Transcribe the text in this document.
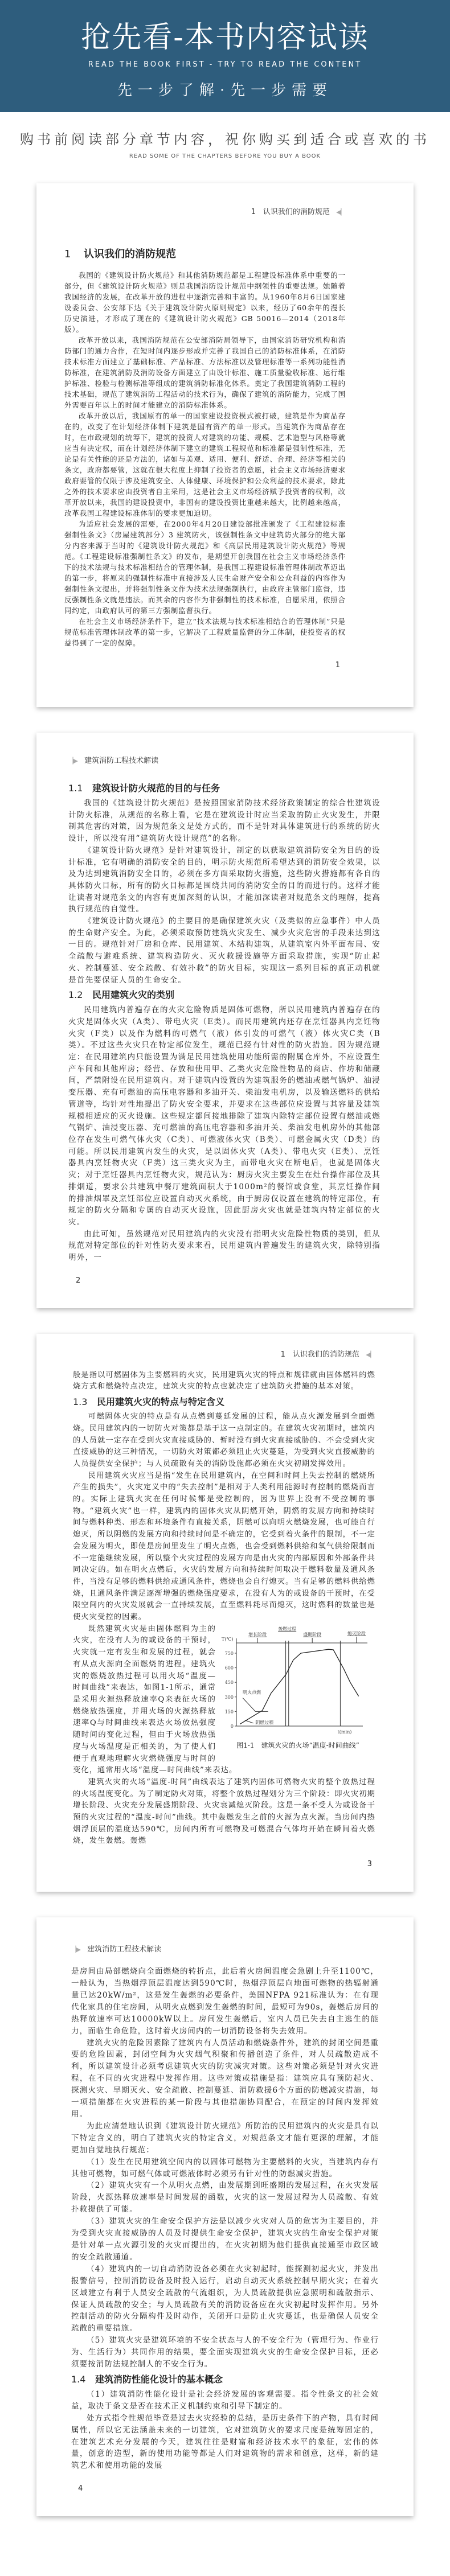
抢先看-本书内容试读
READ THE BOOK FIRST - TRY TO READ THE CONTENT
先一步了解·先一步需要
购书前阅读部分章节内容，祝你购买到适合或喜欢的书
READ SOME OF THE CHAPTERS BEFORE YOU BUY A BOOK
1　认识我们的消防规范   ◀▏
1 认识我们的消防规范

我国的《建筑设计防火规范》和其他消防规范都是工程建设标准体系中重要的一部分，但《建筑设计防火规范》则是我国消防设计规范中纲领性的重要法规。她随着我国经济的发展，在改革开放的进程中逐渐完善和丰富的。从1960年8月6日国家建设委员会、公安部下达《关于建筑设计防火原则规定》以来，经历了60余年的漫长历史演进，才形成了现在的《建筑设计防火规范》GB 50016—2014（2018年版）。

改革开放以来，我国消防规范在公安部消防局领导下，由国家消防研究机构和消防部门的通力合作，在短时间内逐步形成并完善了我国自己的消防标准体系，在消防技术标准方面建立了基础标准、产品标准、方法标准以及管理标准等一系列功能性消防标准，在建筑消防及消防设备方面建立了由设计标准、施工质量验收标准、运行维护标准、检验与检测标准等组成的建筑消防标准化体系。奠定了我国建筑消防工程的技术基础，规范了建筑消防工程活动的技术行为，确保了建筑的消防能力，完成了国外需要百年以上的时间才能建立的消防标准体系。

改革开放以后，我国原有的单一的国家建设投资模式被打破，建筑是作为商品存在的，改变了在计划经济体制下建筑是国有资产的单一形式。当建筑作为商品存在时，在市政规划的统筹下，建筑的投资人对建筑的功能、规模、艺术造型与风格等就应当有决定权，而在计划经济体制下建立的建筑工程规范和标准都是强制性标准，无论是有关性能的还是方法的，诸如与美观、适用、便利、舒适、合理、经济等相关的条文，政府都要管，这就在很大程度上抑制了投资者的意愿，社会主义市场经济要求政府要管的仅限于涉及建筑安全、人体健康、环境保护和公众利益的技术要求，除此之外的技术要求应由投资者自主采用，这是社会主义市场经济赋予投资者的权利，改革开放以来，我国的建设投资中，非国有的建设投资比重越来越大，比例越来越高，改革我国工程建设标准体制的要求更加迫切。

为适应社会发展的需要，在2000年4月20日建设部批准颁发了《工程建设标准强制性条文》（房屋建筑部分）3 建筑防火，该强制性条文中建筑防火部分的绝大部分内容来源于当时的《建筑设计防火规范》和《高层民用建筑设计防火规范》等规范。《工程建设标准强制性条文》的发布，是期望开创我国在社会主义市场经济条件下的技术法规与技术标准相结合的管理体制，是我国工程建设标准管理体制改革迈出的第一步，将原来的强制性标准中直接涉及人民生命财产安全和公众利益的内容作为强制性条文提出，并将强制性条文作为技术法规强制执行，由政府主管部门监督，违反强制性条文就是违法。而其余的内容作为非强制性的技术标准，自愿采用，依照合同约定，由政府认可的第三方强制监督执行。

在社会主义市场经济条件下，建立“技术法规与技术标准相结合的管理体制”只是规范标准管理体制改革的第一步，它解决了工程质量监督的分工体制，使投资者的权益得到了一定的保障。

1
▕▶   建筑消防工程技术解读
1.1 建筑设计防火规范的目的与任务

我国的《建筑设计防火规范》是按照国家消防技术经济政策制定的综合性建筑设计防火标准，从规范的名称上看，它是在建筑设计时应当采取的防止火灾发生，并限制其危害的对策，因为规范条文是处方式的，而不是针对具体建筑进行的系统的防火设计，所以没有用“建筑防火设计规范”的名称。

《建筑设计防火规范》是针对建筑设计，制定的以获取建筑消防安全为目的的设计标准，它有明确的消防安全的目的，明示防火规范所希望达到的消防安全效果，以及为达到建筑消防安全目的，必须在多方面采取防火措施，这些防火措施都有各自的具体防火目标，所有的防火目标都是围绕共同的消防安全的目的而进行的。这样才能让读者对规范条文的内容有更加深刻的认识，才能加深读者对规范条文的理解，提高执行规范的自觉性。

《建筑设计防火规范》的主要目的是确保建筑火灾（及类似的应急事件）中人员的生命财产安全。为此，必须采取预防建筑火灾发生、减少火灾危害的手段来达到这一目的。规范针对厂房和仓库、民用建筑、木结构建筑，从建筑室内外平面布局、安全疏散与避难系统、建筑构造防火、灭火救援设施等方面采取措施，实现“防止起火、控制蔓延、安全疏散、有效扑救”的防火目标，实现这一系列目标的真正动机就是首先要保证人员的生命安全。

1.2 民用建筑火灾的类别

民用建筑内普遍存在的火灾危险物质是固体可燃物，所以民用建筑内普遍存在的火灾是固体火灾（A类）、带电火灾（E类）。而民用建筑内还存在烹饪器具内烹饪物火灾（F类）以及作为燃料的可燃气（液）体引发的可燃气（液）体火灾C类（B类）。不过这些火灾只在特定部位发生，规范已经有针对性的防火措施。因为规范规定：在民用建筑内只能设置为满足民用建筑使用功能所需的附属仓库外，不应设置生产车间和其他库房；经营、存放和使用甲、乙类火灾危险性物品的商店、作坊和储藏间，严禁附设在民用建筑内。对于建筑内设置的为建筑服务的燃油或燃气锅炉、油浸变压器、充有可燃油的高压电容器和多油开关、柴油发电机房，以及输送燃料的供给管道等，均针对性地提出了防火安全要求，并要求在这些部位应设置与其容量及建筑规模相适应的灭火设施。这些规定都间接地排除了建筑内除特定部位设置有燃油或燃气锅炉、油浸变压器、充可燃油的高压电容器和多油开关、柴油发电机房外的其他部位存在发生可燃气体火灾（C类）、可燃液体火灾（B类）、可燃金属火灾（D类）的可能。所以民用建筑内发生的火灾，是以固体火灾（A类）、带电火灾（E类）、烹饪器具内烹饪物火灾（F类）这三类火灾为主，而带电火灾在断电后，也就是固体火灾；对于烹饪器具内烹饪物火灾，规范认为：厨房火灾主要发生在灶台操作部位及其排烟道，要求公共建筑中餐厅建筑面积大于1000m²的餐馆或食堂，其烹饪操作间的排油烟罩及烹饪部位应设置自动灭火系统，由于厨房仅设置在建筑的特定部位，有规定的防火分隔和专属的自动灭火设施，因此厨房火灾也就是建筑内特定部位的火灾。

由此可知，虽然规范对民用建筑内的火灾没有指明火灾危险性物质的类别，但从规范对特定部位的针对性防火要求来看，民用建筑内普遍发生的建筑火灾，除特别指明外，一

2
1　认识我们的消防规范   ◀▏

般是指以可燃固体为主要燃料的火灾，民用建筑火灾的特点和规律就由固体燃料的燃烧方式和燃烧特点决定，建筑火灾的特点也就决定了建筑防火措施的基本对策。

1.3 民用建筑火灾的特点与特定含义

可燃固体火灾的特点是有从点燃到蔓延发展的过程，能从点火源发展到全面燃烧。民用建筑内的一切防火对策都是基于这一点制定的。在建筑火灾初期时，建筑内的人员就一定存在受到火灾直接威胁的、暂时没有到火灾直接威胁的、不会受到火灾直接威胁的这三种情况，一切防火对策都必须阻止火灾蔓延，为受到火灾直接威胁的人员提供安全保护；与人员疏散有关的消防设施都必须在火灾初期发挥效用。

民用建筑火灾应当是指“发生在民用建筑内，在空间和时间上失去控制的燃烧所产生的损失”，火灾定义中的“失去控制”是相对于人类利用能源时有控制的燃烧而言的。实际上建筑火灾在任何时候都是受控制的，因为世界上没有不受控制的事物。“建筑火灾”也一样，建筑内的固体火灾从阴燃开始，阴燃的发展方向和持续时间与燃料种类、形态和环境条件有直接关系，阴燃可以向明火燃烧发展，也可能自行熄灭，所以阴燃的发展方向和持续时间是不确定的，它受到着火条件的限制，不一定会发展为明火，即使是房间里发生了明火点燃，也会受到燃料供给和氧气供给限制而不一定能继续发展，所以整个火灾过程的发展方向是由火灾的内部原因和外部条件共同决定的。如在明火点燃后，火灾的发展方向和持续时间取决于燃料数量及通风条件，当没有足够的燃料供给或通风条件，燃烧也会自行熄灭。当有足够的燃料供给燃烧，且通风条件满足逐渐增强的燃烧强度要求，在没有人为的或设备的干预时，在受限空间内的火灾发展就会一直持续发展，直至燃料耗尽而熄灭，这时燃料的数量也是使火灾受控的因素。

0
150
300
450
600
750
T(℃)
t(min)
增长阶段
轰燃过程
盛期阶段	熄灭阶段
明火点燃
阴燃过程
图1-1　建筑火灾的火场“温度-时间曲线”

既然建筑火灾是由固体燃料为主的火灾，在没有人为的或设备的干预时，火灾就一定有发生和发展的过程，就会有从点火源向全面燃烧的进程。建筑火灾的燃烧放热过程可以用火场“温度—时间曲线”来表达，如图1-1所示，通常是采用火源热释放速率Q来表征火场的燃烧放热强度，并用火场的火源热释放速率Q与时间曲线来表达火场放热强度随时间的变化过程，但由于火场放热强度与火场温度是正相关的，为了使人们便于直观地理解火灾燃烧强度与时间的变化，通常用火场“温度—时间曲线”来表达。

建筑火灾的火场“温度-时间”曲线表达了建筑内固体可燃物火灾的整个放热过程的火场温度变化。为了制定防火对策，将整个放热过程划分为三个阶段：即火灾初期增长阶段、火灾充分发展盛期阶段、火灾衰减熄灭阶段。这是一条不受人为或设备干预的火灾过程的“温度-时间”曲线。其中轰燃发生之前的火源为点火源。当房间内热烟浮顶层的温度达590℃，房间内所有可燃物及可燃混合气体均开始在瞬间着火燃烧，发生轰燃。轰燃

3
▕▶   建筑消防工程技术解读

是房间由局部燃烧向全面燃烧的转折点，此后着火房间温度会急剧上升至1100℃，一般认为，当热烟浮顶层温度达到590℃时，热烟浮顶层向地面可燃物的热辐射通量已达20kW/m²，这是发生轰燃的必要条件，美国NFPA 921标准认为：在有现代化家具的住宅房间，从明火点燃到发生轰燃的时间，最短可为90s，轰燃后房间的热释放速率可达10000kW以上。房间发生轰燃后，室内人员已失去自主逃生的能力，面临生命危险，这时着火房间内的一切消防设备将失去效用。

建筑火灾的危险因素除了建筑内有人员活动和燃烧条件外，建筑的封闭空间是重要的危险因素，封闭空间为火灾烟气积聚和传播创造了条件，对人员疏散造成不利，所以建筑设计必须考虑建筑火灾的防灾减灾对策。这些对策必须是针对火灾进程，在不同的火灾进程中发挥作用。这些对策或措施是指：建筑应具有预防起火、探测火灾、早期灭火、安全疏散、控制蔓延、消防救援6个方面的防燃减灾措施，每一项措施都在火灾进程的某一阶段与其他措施协同配合，在预定的时间内发挥效用。

为此应清楚地认识到《建筑设计防火规范》所防治的民用建筑内的火灾是具有以下特定含义的，明白了建筑火灾的特定含义，对规范条文才能有更深的理解，才能更加自觉地执行规范：

（1）发生在民用建筑空间内的以固体可燃物为主要燃料的火灾，当建筑内存有其他可燃物，如可燃气体或可燃液体时必须另有针对性的防燃减灾措施。

（2）建筑火灾有一个从明火点燃，由发展期到旺盛期的发展过程，在火灾发展阶段，火源热释放速率是时间发展的函数，火灾的这一发展过程为人员疏散、有效扑救提供了可能。

（3）建筑火灾的生命安全保护方法是以减少火灾对人员的危害为主要目的，并为受到火灾直接威胁的人员及时提供生命安全保护，建筑火灾的生命安全保护对策是针对单一点火源引发的火灾而提出的，在火灾初期为他们提供直接通至市政区域的安全疏散通道。

（4）建筑内的一切自动消防设备必须在火灾初起时，能探测初起火灾，并发出报警信号，控制消防设备及时投入运行，启动自动灭火系统控制早期火灾；在着火区域建立有利于人员安全疏散的气流组织，为人员疏散提供应急照明和疏散指示、保证人员疏散的安全；与人员疏散有关的消防设备应在火灾初起时发挥作用。另外控制活动的防火分隔构件及时动作，关闭开口是防止火灾蔓延，也是确保人员安全疏散的重要措施。

（5）建筑火灾是建筑环境的不安全状态与人的不安全行为（管理行为、作业行为、生活行为）共同作用的结果，要全面实现建筑火灾的生命安全保护目标，还必须要按消防法规控制人的不安全行为。

1.4 建筑消防性能化设计的基本概念

（1）建筑消防性能化设计是社会经济发展的客观需要。指令性条文的社会效益，取决于条文是否在技术正义机制约束和引导下制定的。

处方式指令性规范毕竟是过去火灾经验的总结，是历史条件下的产物，具有时间属性，所以它无法涵盖未来的一切建筑，它对建筑防火的要求尺度是统筹固定的，在建筑艺术充分发展的今天，建筑往往是财富和经济技术水平的象征，宏伟的体量，创意的造型，新的使用功能等都是人们对建筑物的需求和创意，这样，新的建筑艺术和使用功能的发展

4
